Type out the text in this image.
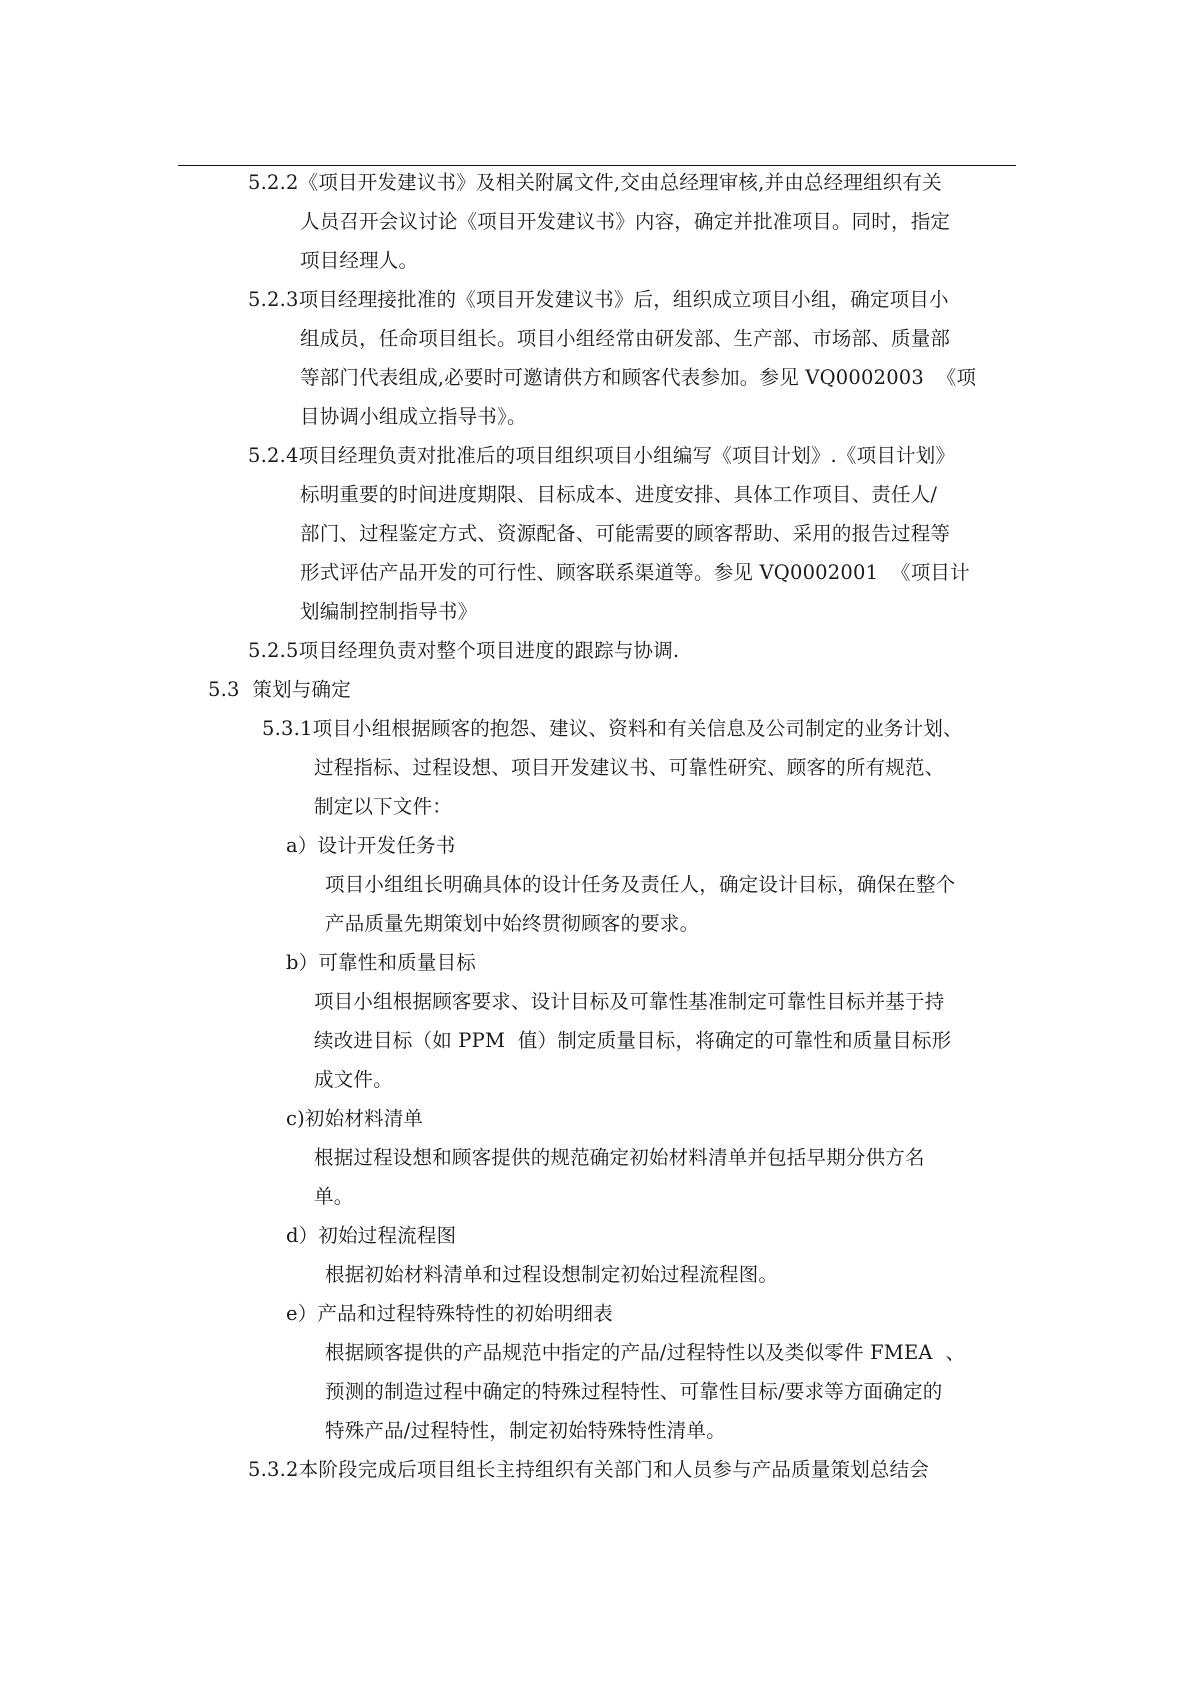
5.2.2《项目开发建议书》及相关附属文件,交由总经理审核,并由总经理组织有关
人员召开会议讨论《项目开发建议书》内容，确定并批准项目。同时，指定
项目经理人。
5.2.3项目经理接批准的《项目开发建议书》后，组织成立项目小组，确定项目小
组成员，任命项目组长。项目小组经常由研发部、生产部、市场部、质量部
等部门代表组成,必要时可邀请供方和顾客代表参加。参见 VQ0002003  《项
目协调小组成立指导书》。
5.2.4项目经理负责对批准后的项目组织项目小组编写《项目计划》.《项目计划》
标明重要的时间进度期限、目标成本、进度安排、具体工作项目、责任人/
部门、过程鉴定方式、资源配备、可能需要的顾客帮助、采用的报告过程等
形式评估产品开发的可行性、顾客联系渠道等。参见 VQ0002001  《项目计
划编制控制指导书》
5.2.5项目经理负责对整个项目进度的跟踪与协调.
5.3  策划与确定
5.3.1项目小组根据顾客的抱怨、建议、资料和有关信息及公司制定的业务计划、
过程指标、过程设想、项目开发建议书、可靠性研究、顾客的所有规范、
制定以下文件：
a）设计开发任务书
项目小组组长明确具体的设计任务及责任人，确定设计目标，确保在整个
产品质量先期策划中始终贯彻顾客的要求。
b）可靠性和质量目标
项目小组根据顾客要求、设计目标及可靠性基准制定可靠性目标并基于持
续改进目标（如 PPM  值）制定质量目标，将确定的可靠性和质量目标形
成文件。
c)初始材料清单
根据过程设想和顾客提供的规范确定初始材料清单并包括早期分供方名
单。
d）初始过程流程图
根据初始材料清单和过程设想制定初始过程流程图。
e）产品和过程特殊特性的初始明细表
根据顾客提供的产品规范中指定的产品/过程特性以及类似零件 FMEA  、
预测的制造过程中确定的特殊过程特性、可靠性目标/要求等方面确定的
特殊产品/过程特性，制定初始特殊特性清单。
5.3.2本阶段完成后项目组长主持组织有关部门和人员参与产品质量策划总结会
